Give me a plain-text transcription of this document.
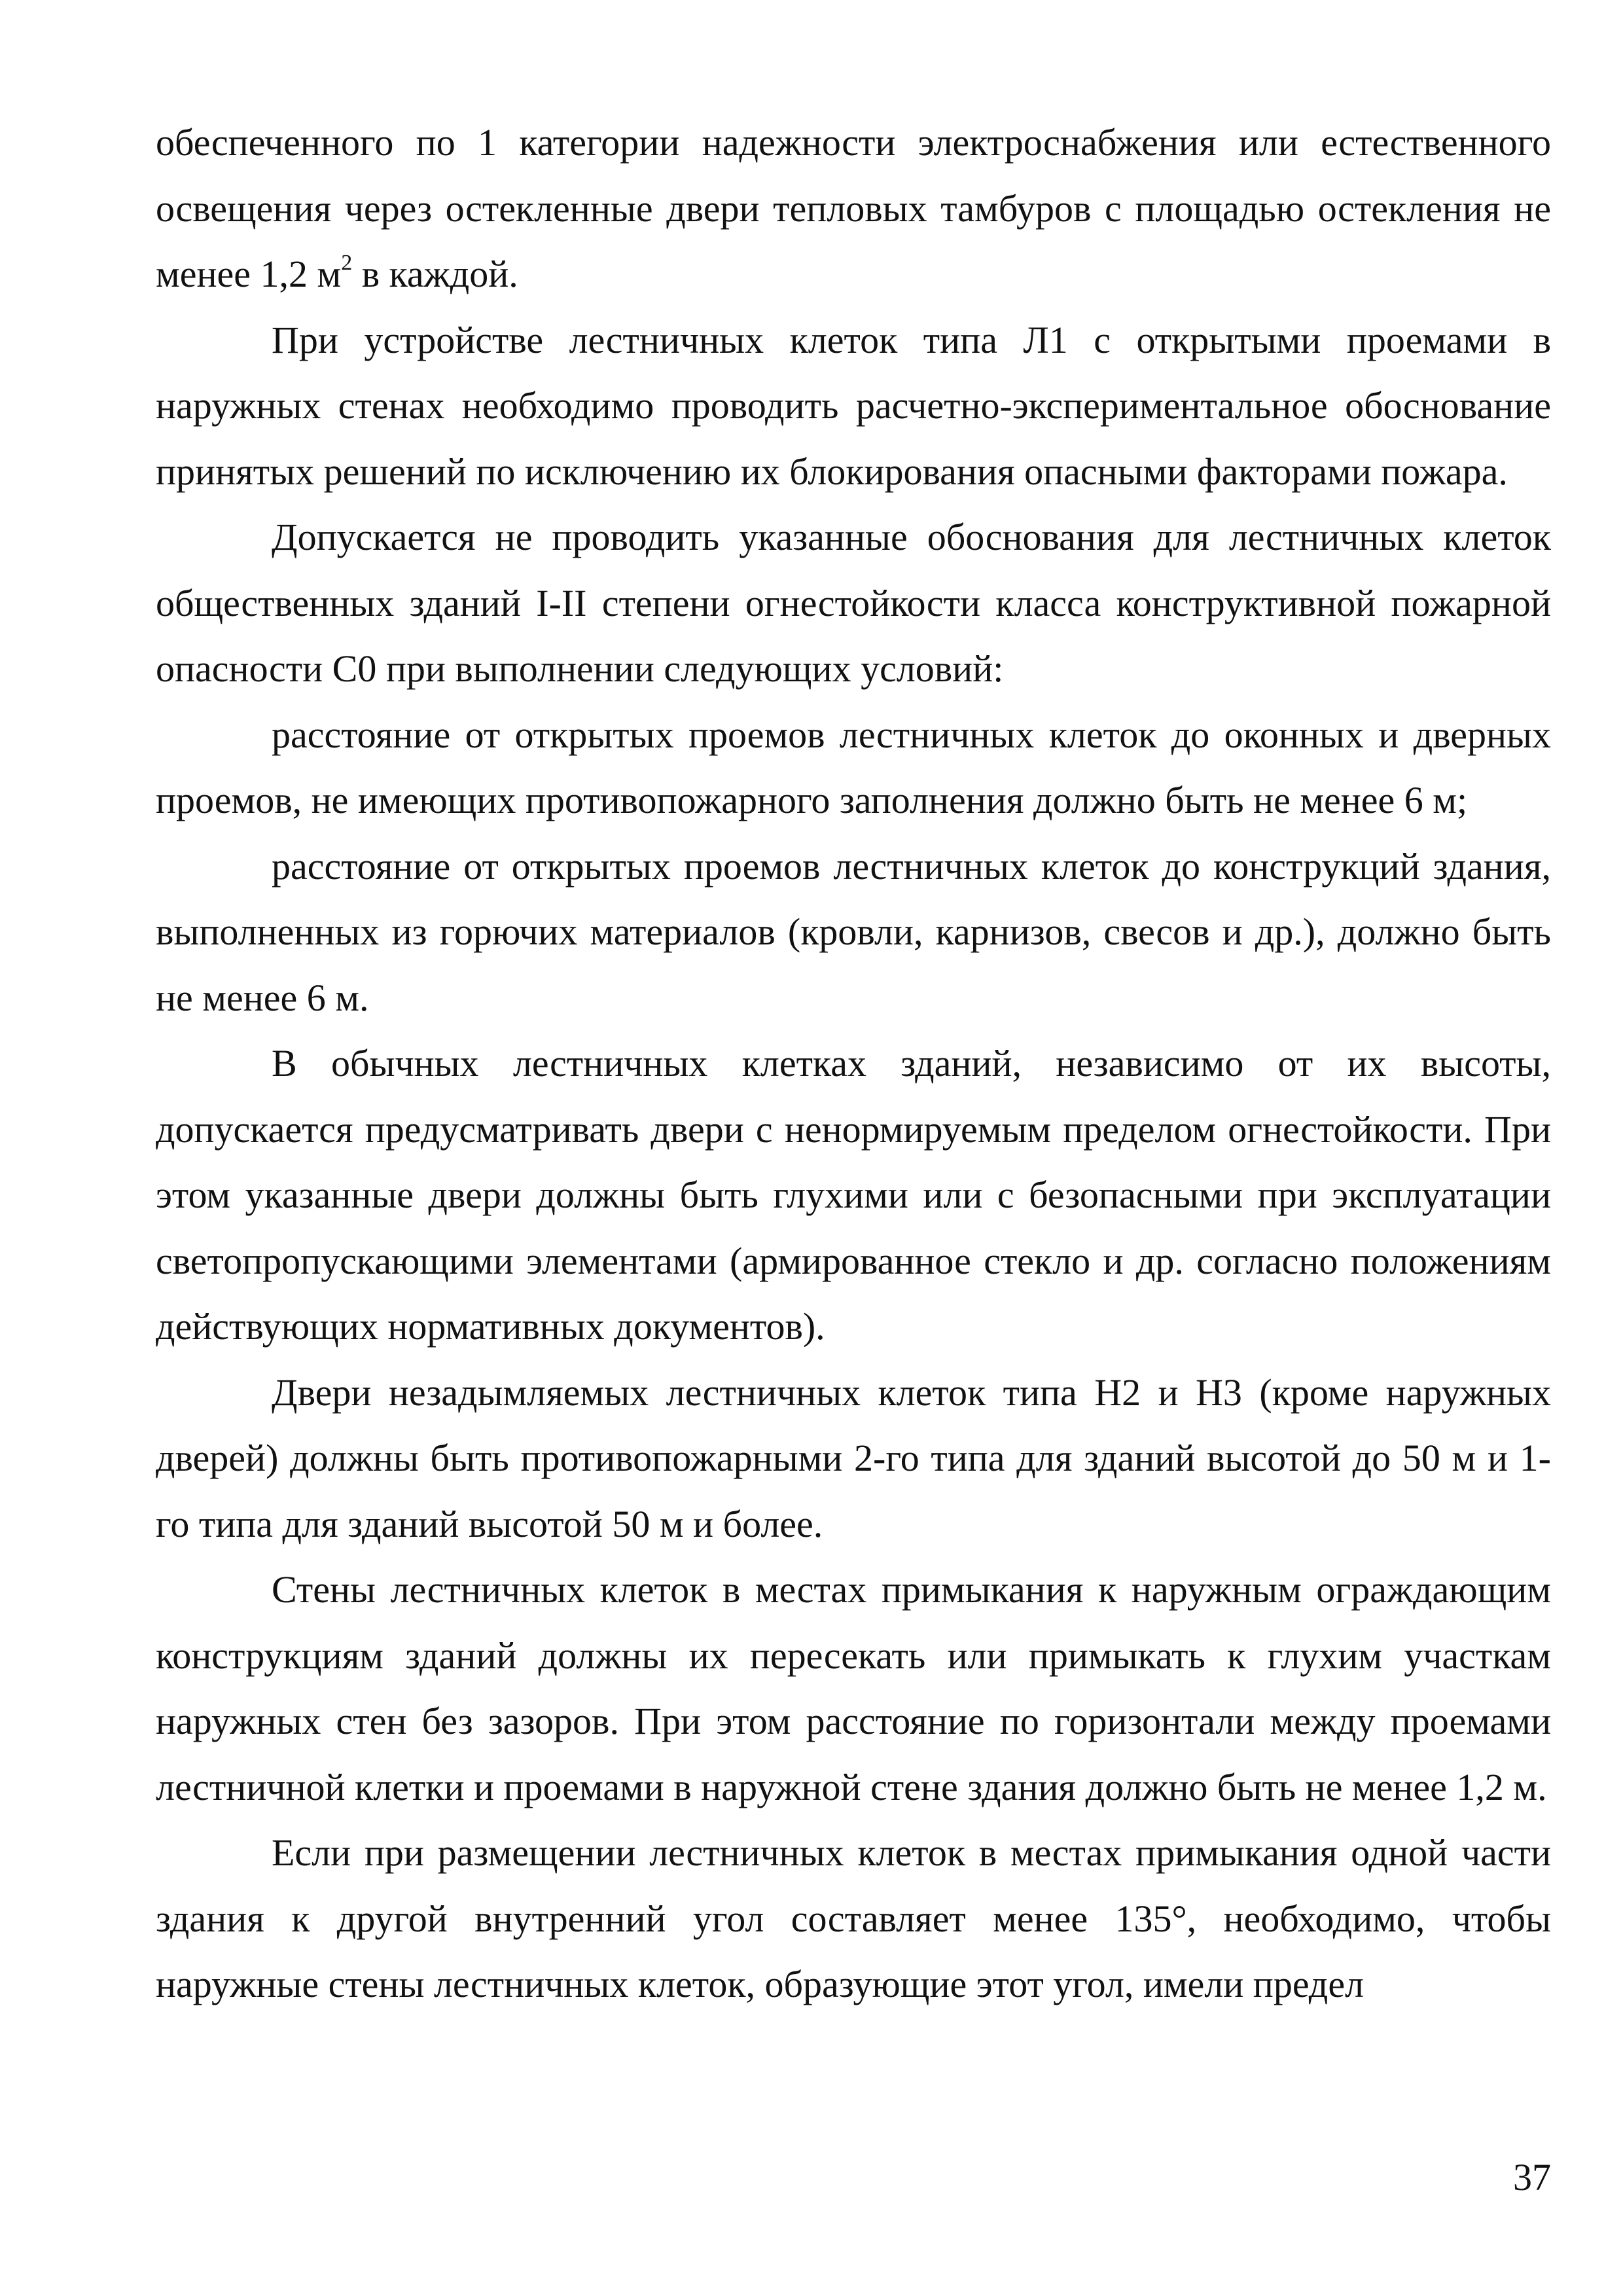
обеспеченного по 1 категории надежности электроснабжения или естественного освещения через остекленные двери тепловых тамбуров с площадью остекления не менее 1,2 $м^2$ в каждой.

При устройстве лестничных клеток типа Л1 с открытыми проемами в наружных стенах необходимо проводить расчетно-экспериментальное обоснование принятых решений по исключению их блокирования опасными факторами пожара.

Допускается не проводить указанные обоснования для лестничных клеток общественных зданий I-II степени огнестойкости класса конструктивной пожарной опасности С0 при выполнении следующих условий:

расстояние от открытых проемов лестничных клеток до оконных и дверных проемов, не имеющих противопожарного заполнения должно быть не менее 6 м;

расстояние от открытых проемов лестничных клеток до конструкций здания, выполненных из горючих материалов (кровли, карнизов, свесов и др.), должно быть не менее 6 м.

В обычных лестничных клетках зданий, независимо от их высоты, допускается предусматривать двери с ненормируемым пределом огнестойкости. При этом указанные двери должны быть глухими или с безопасными при эксплуатации светопропускающими элементами (армированное стекло и др. согласно положениям действующих нормативных документов).

Двери незадымляемых лестничных клеток типа Н2 и Н3 (кроме наружных дверей) должны быть противопожарными 2-го типа для зданий высотой до 50 м и 1-го типа для зданий высотой 50 м и более.

Стены лестничных клеток в местах примыкания к наружным ограждающим конструкциям зданий должны их пересекать или примыкать к глухим участкам наружных стен без зазоров. При этом расстояние по горизонтали между проемами лестничной клетки и проемами в наружной стене здания должно быть не менее 1,2 м.

Если при размещении лестничных клеток в местах примыкания одной части здания к другой внутренний угол составляет менее 135°, необходимо, чтобы наружные стены лестничных клеток, образующие этот угол, имели предел

37
